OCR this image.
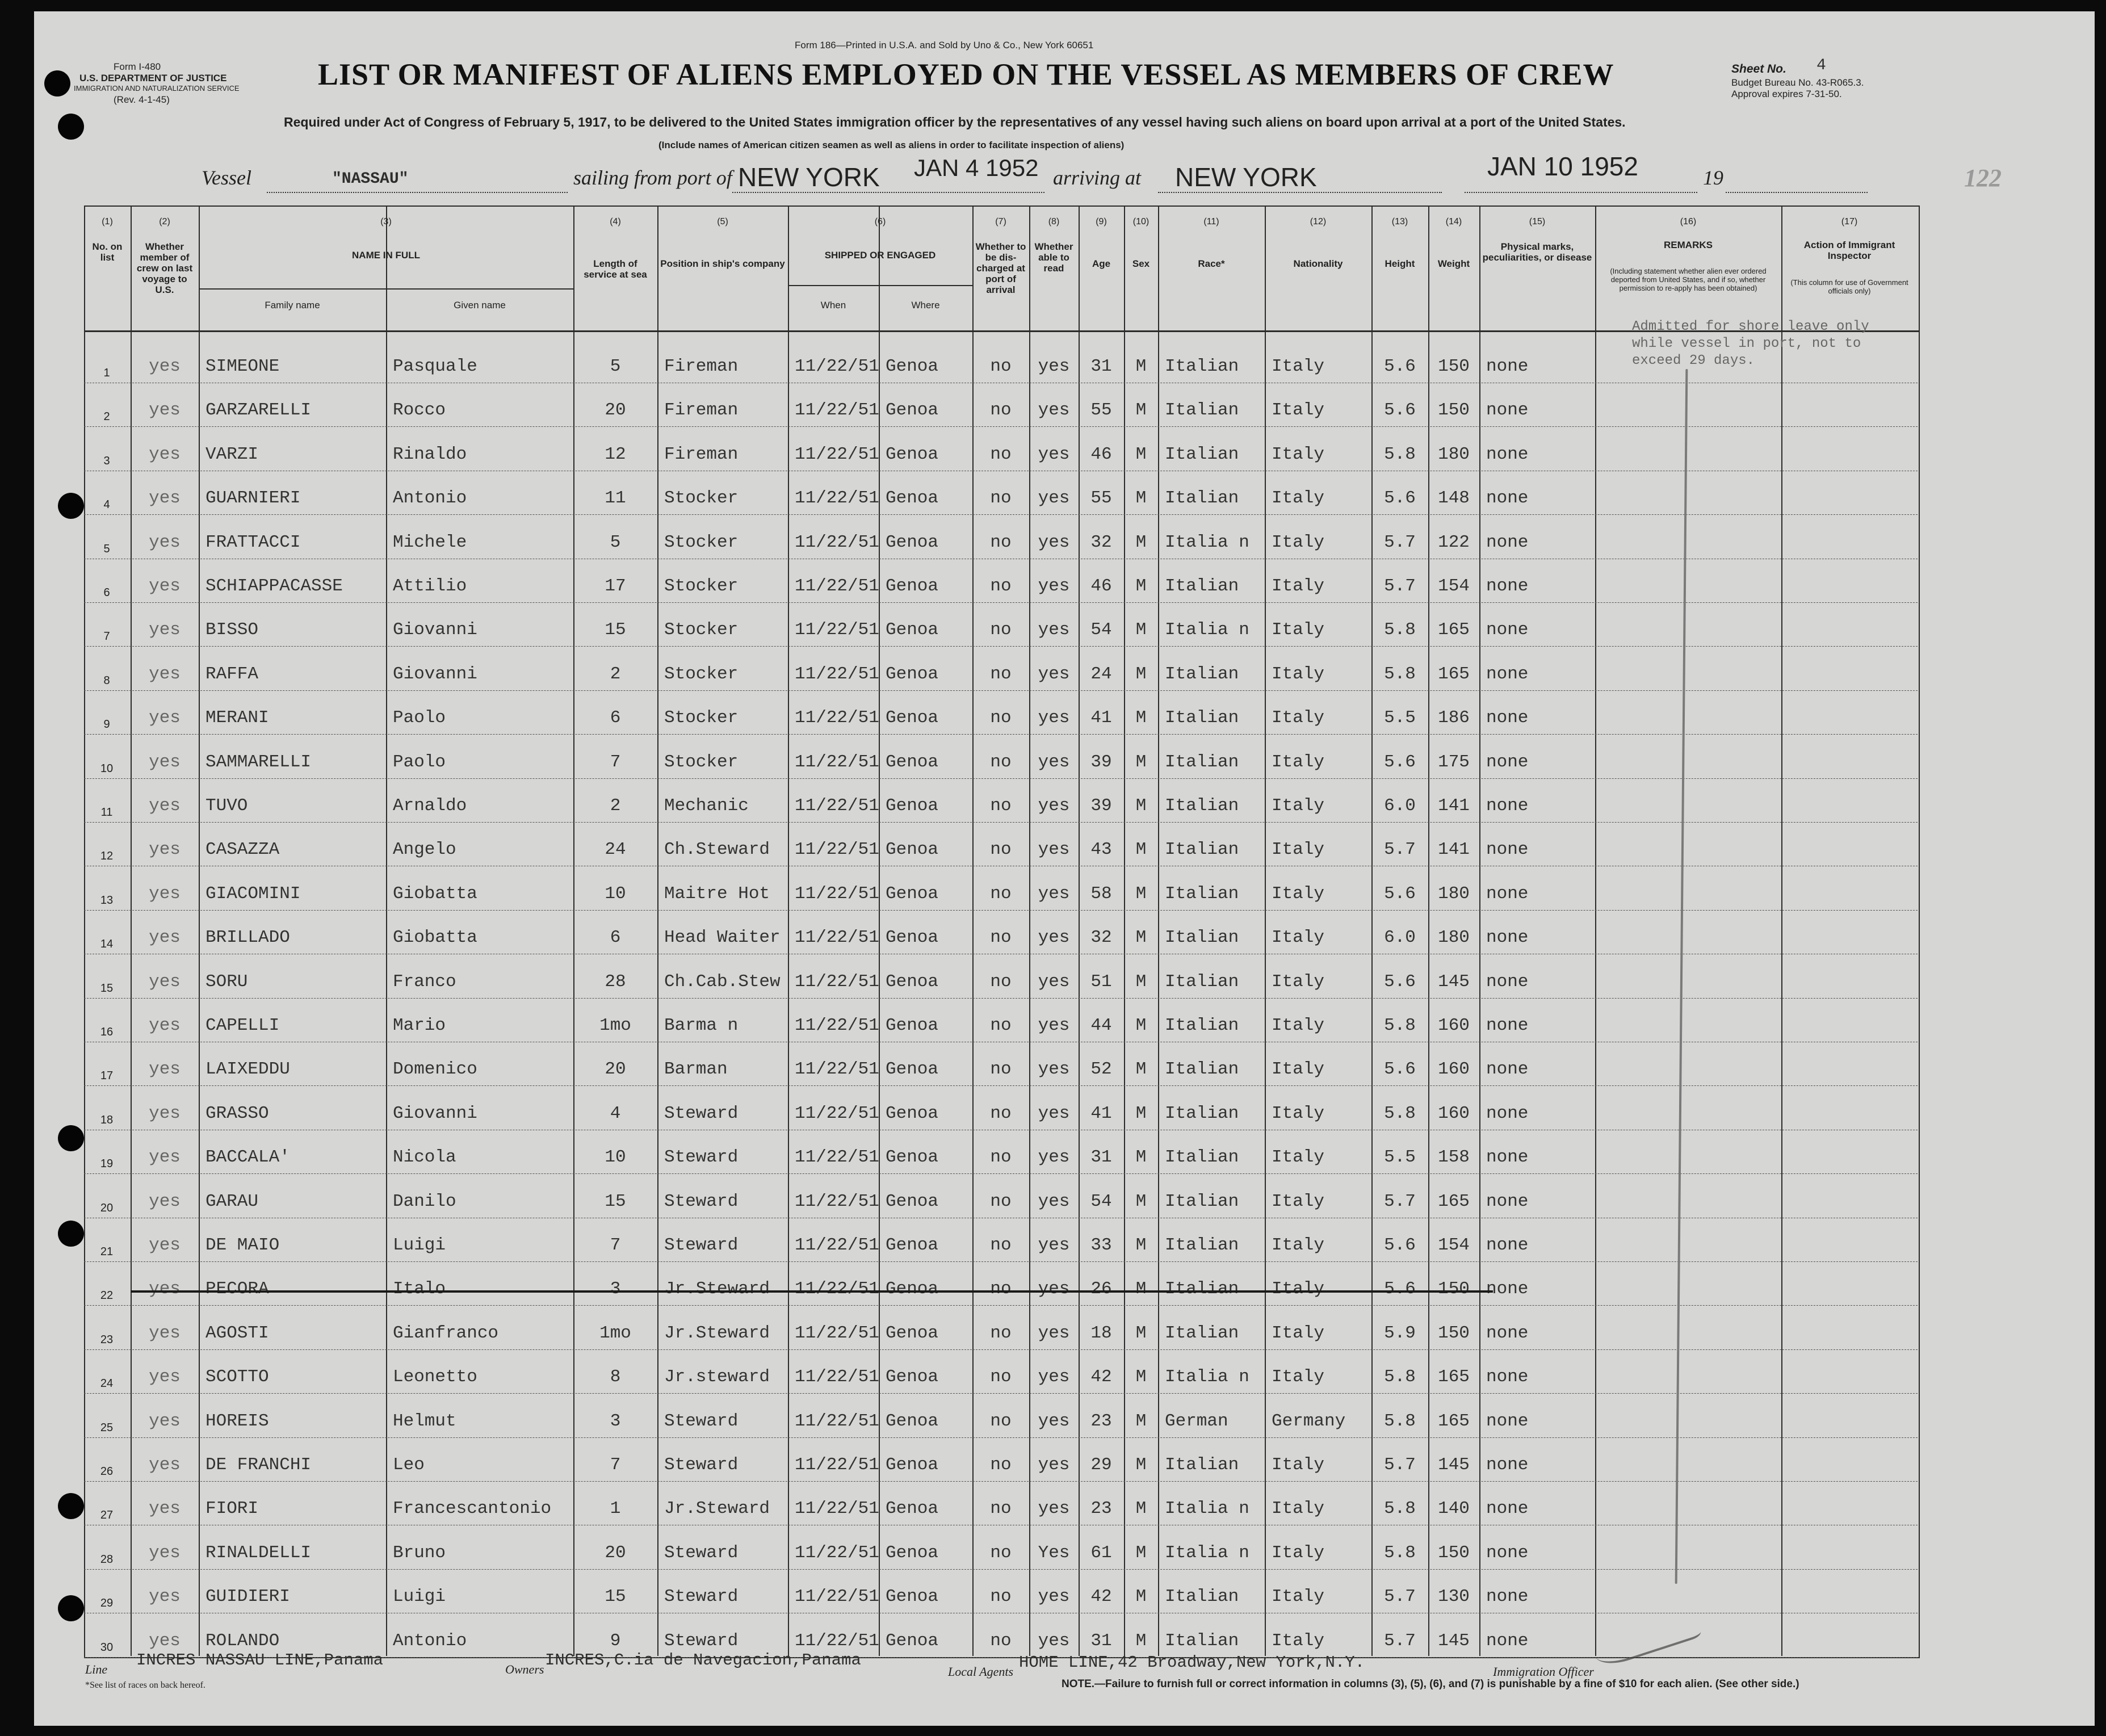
Form 186—Printed in U.S.A. and Sold by Uno & Co., New York 60651
Form I-480
U.S. DEPARTMENT OF JUSTICE
IMMIGRATION AND NATURALIZATION SERVICE
(Rev. 4-1-45)
LIST OR MANIFEST OF ALIENS EMPLOYED ON THE VESSEL AS MEMBERS OF CREW	Sheet No. 4
Budget Bureau No. 43-R065.3.
Approval expires 7-31-50.
Required under Act of Congress of February 5, 1917, to be delivered to the United States immigration officer by the representatives of any vessel having such aliens on board upon arrival at a port of the United States.
(Include names of American citizen seamen as well as aliens in order to facilitate inspection of aliens)
Vessel	"NASSAU"	sailing from port of NEW YORK JAN 4 1952 arriving at NEW YORK	JAN 10 1952	19	122
(1)
No. on list
(2)
Whether member of crew on last voyage to U.S.
(3)
NAME IN FULL
(4)
Length of service at sea
(5)
Position in ship's company
(6)
SHIPPED OR ENGAGED
(7)
Whether to be dis- charged at port of arrival
(8)
Whether able to read
(9)
Age
(10)
Sex
(11)
Race*
(12)
Nationality
(13)
Height
(14)
Weight
(15)
Physical marks, peculiarities, or disease
(16)
REMARKS
(17)
Action of Immigrant Inspector
Family name	Given name	When	Where
(Including statement whether alien ever ordered deported from United States, and if so, whether permission to re-apply has been obtained)
(This column for use of Government officials only)
1	yes	SIMEONE	Pasquale	5	Fireman	11/22/51 Genoa	no	yes	31	M	Italian Italy	5.6	150 none
2	yes	GARZARELLI	Rocco	20	Fireman	11/22/51 Genoa	no	yes	55	M	Italian Italy	5.6	150 none
3	yes	VARZI	Rinaldo	12	Fireman	11/22/51 Genoa	no	yes	46	M	Italian Italy	5.8	180 none
4	yes	GUARNIERI	Antonio	11	Stocker	11/22/51 Genoa	no	yes	55	M	Italian Italy	5.6	148 none
5	yes	FRATTACCI	Michele	5	Stocker	11/22/51 Genoa	no	yes	32	M	Italia n Italy	5.7	122 none
6	yes	SCHIAPPACASSE	Attilio	17	Stocker	11/22/51 Genoa	no	yes	46	M	Italian Italy	5.7	154 none
7	yes	BISSO	Giovanni	15	Stocker	11/22/51 Genoa	no	yes	54	M	Italia n Italy	5.8	165 none
8	yes	RAFFA	Giovanni	2	Stocker	11/22/51 Genoa	no	yes	24	M	Italian Italy	5.8	165 none
9	yes	MERANI	Paolo	6	Stocker	11/22/51 Genoa	no	yes	41	M	Italian Italy	5.5	186 none
10	yes	SAMMARELLI	Paolo	7	Stocker	11/22/51 Genoa	no	yes	39	M	Italian Italy	5.6	175 none
11	yes	TUVO	Arnaldo	2	Mechanic	11/22/51 Genoa	no	yes	39	M	Italian Italy	6.0	141 none
12	yes	CASAZZA	Angelo	24	Ch.Steward 11/22/51 Genoa	no	yes	43	M	Italian Italy	5.7	141 none
13	yes	GIACOMINI	Giobatta	10	Maitre Hot 11/22/51 Genoa	no	yes	58	M	Italian Italy	5.6	180 none
14	yes	BRILLADO	Giobatta	6	Head Waiter 11/22/51 Genoa	no	yes	32	M	Italian Italy	6.0	180 none
15	yes	SORU	Franco	28	Ch.Cab.Stew 11/22/51 Genoa	no	yes	51	M	Italian Italy	5.6	145 none
16	yes	CAPELLI	Mario	1mo	Barma n	11/22/51 Genoa	no	yes	44	M	Italian Italy	5.8	160 none
17	yes	LAIXEDDU	Domenico	20	Barman	11/22/51 Genoa	no	yes	52	M	Italian Italy	5.6	160 none
18	yes	GRASSO	Giovanni	4	Steward	11/22/51 Genoa	no	yes	41	M	Italian Italy	5.8	160 none
19	yes	BACCALA'	Nicola	10	Steward	11/22/51 Genoa	no	yes	31	M	Italian Italy	5.5	158 none
20	yes	GARAU	Danilo	15	Steward	11/22/51 Genoa	no	yes	54	M	Italian Italy	5.7	165 none
21	yes	DE MAIO	Luigi	7	Steward	11/22/51 Genoa	no	yes	33	M	Italian Italy	5.6	154 none
22	yes	PECORA	Italo	3	Jr.Steward 11/22/51 Genoa	no	yes	26	M	Italian Italy	5.6	150 none
23	yes	AGOSTI	Gianfranco	1mo	Jr.Steward 11/22/51 Genoa	no	yes	18	M	Italian Italy	5.9	150 none
24	yes	SCOTTO	Leonetto	8	Jr.steward 11/22/51 Genoa	no	yes	42	M	Italia n Italy	5.8	165 none
25	yes	HOREIS	Helmut	3	Steward	11/22/51 Genoa	no	yes	23	M	German Germany	5.8	165 none
26	yes	DE FRANCHI	Leo	7	Steward	11/22/51 Genoa	no	yes	29	M	Italian Italy	5.7	145 none
27	yes	FIORI	Francescantonio	1	Jr.Steward 11/22/51 Genoa	no	yes	23	M	Italia n Italy	5.8	140 none
28	yes	RINALDELLI	Bruno	20	Steward	11/22/51 Genoa	no	Yes	61	M	Italia n Italy	5.8	150 none
29	yes	GUIDIERI	Luigi	15	Steward	11/22/51 Genoa	no	yes	42	M	Italian Italy	5.7	130 none
30	yes	ROLANDO	Antonio	9	Steward	11/22/51 Genoa	no	yes	31	M	Italian Italy	5.7	145 none
Admitted for shore leave only
while vessel in port, not to
exceed 29 days.
Line INCRES NASSAU LINE,Panama	Owners INCRES,C.ia de Navegacion,Panama
Local Agents HOME LINE,42 Broadway,New York,N.Y.	Immigration Officer
*See list of races on back hereof.	NOTE.—Failure to furnish full or correct information in columns (3), (5), (6), and (7) is punishable by a fine of $10 for each alien. (See other side.)
